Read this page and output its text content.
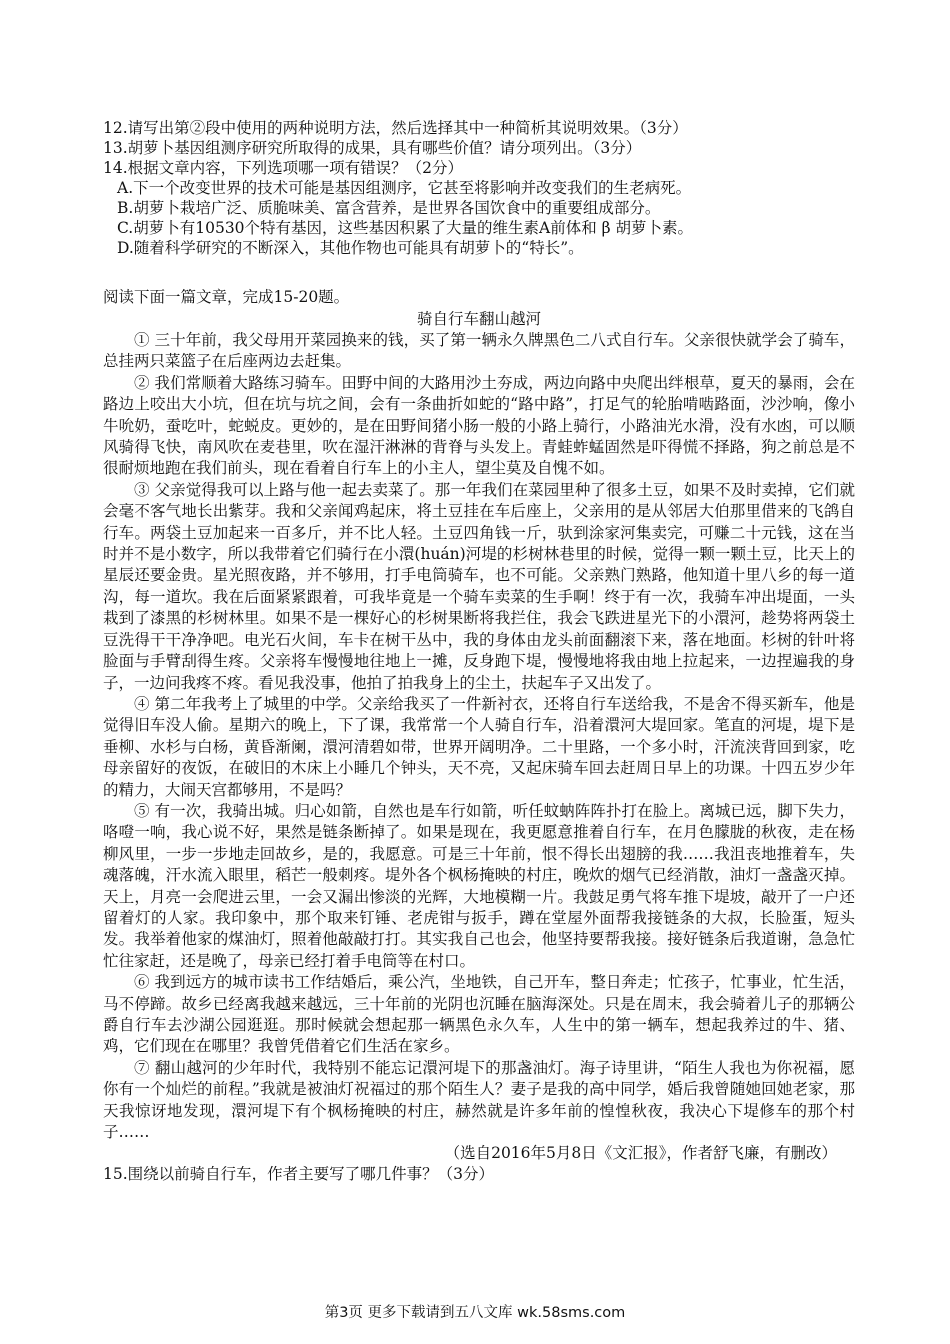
12.请写出第②段中使用的两种说明方法，然后选择其中一种简析其说明效果。（3分）
13.胡萝卜基因组测序研究所取得的成果，具有哪些价值？请分项列出。（3分）
14.根据文章内容，下列选项哪一项有错误？（2分）
A.下一个改变世界的技术可能是基因组测序，它甚至将影响并改变我们的生老病死。
B.胡萝卜栽培广泛、质脆味美、富含营养，是世界各国饮食中的重要组成部分。
C.胡萝卜有10530个特有基因，这些基因积累了大量的维生素A前体和 β 胡萝卜素。
D.随着科学研究的不断深入，其他作物也可能具有胡萝卜的“特长”。
阅读下面一篇文章，完成15-20题。
骑自行车翻山越河
① 三十年前，我父母用开菜园换来的钱，买了第一辆永久牌黑色二八式自行车。父亲很快就学会了骑车，总挂两只菜篮子在后座两边去赶集。
② 我们常顺着大路练习骑车。田野中间的大路用沙土夯成，两边向路中央爬出绊根草，夏天的暴雨，会在路边上咬出大小坑，但在坑与坑之间，会有一条曲折如蛇的“路中路”，打足气的轮胎啃啮路面，沙沙响，像小牛吮奶，蚕吃叶，蛇蜕皮。更妙的，是在田野间猪小肠一般的小路上骑行，小路油光水滑，没有水凼，可以顺风骑得飞快，南风吹在麦巷里，吹在湿汗淋淋的背脊与头发上。青蛙蚱蜢固然是吓得慌不择路，狗之前总是不很耐烦地跑在我们前头，现在看着自行车上的小主人，望尘莫及自愧不如。
③ 父亲觉得我可以上路与他一起去卖菜了。那一年我们在菜园里种了很多土豆，如果不及时卖掉，它们就会毫不客气地长出紫芽。我和父亲闻鸡起床，将土豆挂在车后座上，父亲用的是从邻居大伯那里借来的飞鸽自行车。两袋土豆加起来一百多斤，并不比人轻。土豆四角钱一斤，驮到涂家河集卖完，可赚二十元钱，这在当时并不是小数字，所以我带着它们骑行在小澴(huán)河堤的杉树林巷里的时候，觉得一颗一颗土豆，比天上的星辰还要金贵。星光照夜路，并不够用，打手电筒骑车，也不可能。父亲熟门熟路，他知道十里八乡的每一道沟，每一道坎。我在后面紧紧跟着，可我毕竟是一个骑车卖菜的生手啊！终于有一次，我骑车冲出堤面，一头栽到了漆黑的杉树林里。如果不是一棵好心的杉树果断将我拦住，我会飞跌进星光下的小澴河，趁势将两袋土豆洗得干干净净吧。电光石火间，车卡在树干丛中，我的身体由龙头前面翻滚下来，落在地面。杉树的针叶将脸面与手臂刮得生疼。父亲将车慢慢地往地上一摊，反身跑下堤，慢慢地将我由地上拉起来，一边捏遍我的身子，一边问我疼不疼。看见我没事，他拍了拍我身上的尘土，扶起车子又出发了。
④ 第二年我考上了城里的中学。父亲给我买了一件新衬衣，还将自行车送给我，不是舍不得买新车，他是觉得旧车没人偷。星期六的晚上，下了课，我常常一个人骑自行车，沿着澴河大堤回家。笔直的河堤，堤下是垂柳、水杉与白杨，黄昏渐阑，澴河清碧如带，世界开阔明净。二十里路，一个多小时，汗流浃背回到家，吃母亲留好的夜饭，在破旧的木床上小睡几个钟头，天不亮，又起床骑车回去赶周日早上的功课。十四五岁少年的精力，大闹天宫都够用，不是吗？
⑤ 有一次，我骑出城。归心如箭，自然也是车行如箭，听任蚊蚋阵阵扑打在脸上。离城已远，脚下失力，咯噔一响，我心说不好，果然是链条断掉了。如果是现在，我更愿意推着自行车，在月色朦胧的秋夜，走在杨柳风里，一步一步地走回故乡，是的，我愿意。可是三十年前，恨不得长出翅膀的我……我沮丧地推着车，失魂落魄，汗水流入眼里，稻芒一般刺疼。堤外各个枫杨掩映的村庄，晚炊的烟气已经消散，油灯一盏盏灭掉。天上，月亮一会爬进云里，一会又漏出惨淡的光辉，大地模糊一片。我鼓足勇气将车推下堤坡，敲开了一户还留着灯的人家。我印象中，那个取来钉锤、老虎钳与扳手，蹲在堂屋外面帮我接链条的大叔，长脸蛋，短头发。我举着他家的煤油灯，照着他敲敲打打。其实我自己也会，他坚持要帮我接。接好链条后我道谢，急急忙忙往家赶，还是晚了，母亲已经打着手电筒等在村口。
⑥ 我到远方的城市读书工作结婚后，乘公汽，坐地铁，自己开车，整日奔走；忙孩子，忙事业，忙生活，马不停蹄。故乡已经离我越来越远，三十年前的光阴也沉睡在脑海深处。只是在周末，我会骑着儿子的那辆公爵自行车去沙湖公园逛逛。那时候就会想起那一辆黑色永久车，人生中的第一辆车，想起我养过的牛、猪、鸡，它们现在在哪里？我曾凭借着它们生活在家乡。
⑦ 翻山越河的少年时代，我特别不能忘记澴河堤下的那盏油灯。海子诗里讲，“陌生人我也为你祝福，愿你有一个灿烂的前程。”我就是被油灯祝福过的那个陌生人？妻子是我的高中同学，婚后我曾随她回她老家，那天我惊讶地发现，澴河堤下有个枫杨掩映的村庄，赫然就是许多年前的惶惶秋夜，我决心下堤修车的那个村子……
（选自2016年5月8日《文汇报》，作者舒飞廉，有删改）
15.围绕以前骑自行车，作者主要写了哪几件事？（3分）
第3页 更多下载请到五八文库 wk.58sms.com
